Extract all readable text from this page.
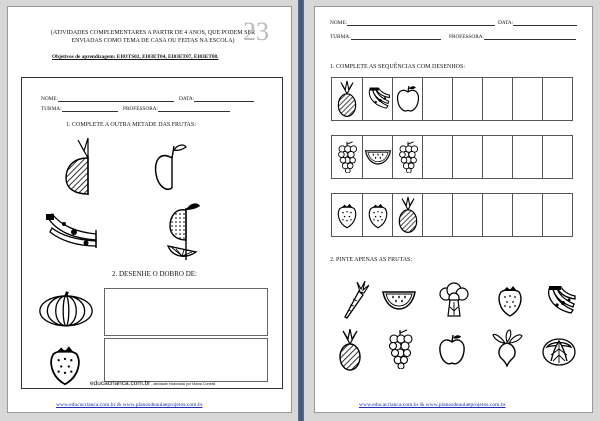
(ATIVIDADES COMPLEMENTARES A PARTIR DE 4 ANOS, QUE PODEM SER ENVIADAS COMO TEMA DE CASA OU FEITAS NA ESCOLA) 23
Objetivos de aprendizagem: EI03TS02, EI03ET04, EI03ET07, EI03ET08.
NOME:	DATA:
TURMA:	PROFESSORA:
1. COMPLETE A OUTRA METADE DAS FRUTAS:
2. DESENHE O DOBRO DE:
educacrianca.com.br - atividade elaborada por Maina Coneati
www.educacrianca.com.br & www.planosdeaulaeprojetos.com.br
NOME:	DATA:
TURMA:	PROFESSORA:
1. COMPLETE AS SEQUÊNCIAS COM DESENHOS:
2. PINTE APENAS AS FRUTAS:
www.educacrianca.com.br & www.planosdeaulaeprojetos.com.br
